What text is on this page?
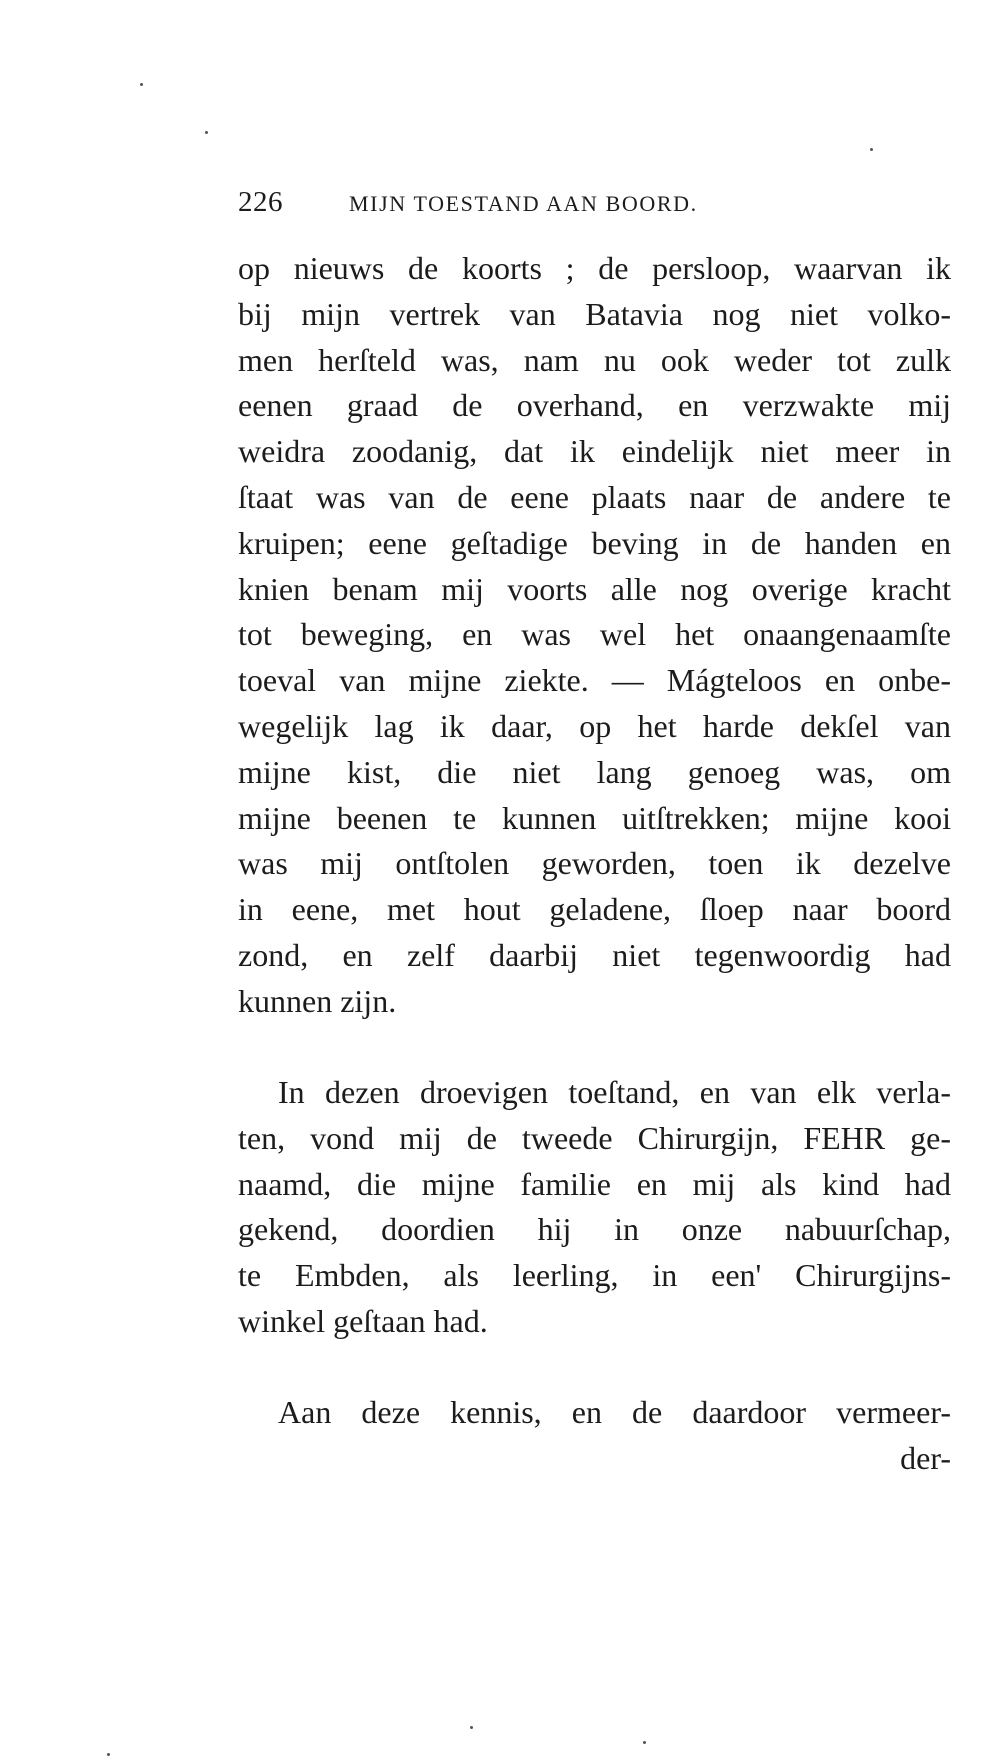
226	MIJN TOESTAND AAN BOORD.
op nieuws de koorts ; de persloop, waarvan ik
bij mijn vertrek van Batavia nog niet volko-
men herſteld was, nam nu ook weder tot zulk
eenen graad de overhand, en verzwakte mij
weidra zoodanig, dat ik eindelijk niet meer in
ſtaat was van de eene plaats naar de andere te
kruipen; eene geſtadige beving in de handen en
knien benam mij voorts alle nog overige kracht
tot beweging, en was wel het onaangenaamſte
toeval van mijne ziekte. — Mágteloos en onbe-
wegelijk lag ik daar, op het harde dekſel van
mijne kist, die niet lang genoeg was, om
mijne beenen te kunnen uitſtrekken; mijne kooi
was mij ontſtolen geworden, toen ik dezelve
in eene, met hout geladene, ſloep naar boord
zond, en zelf daarbij niet tegenwoordig had
kunnen zijn.
In dezen droevigen toeſtand, en van elk verla-
ten, vond mij de tweede Chirurgijn, FEHR ge-
naamd, die mijne familie en mij als kind had
gekend, doordien hij in onze nabuurſchap,
te Embden, als leerling, in een' Chirurgijns-
winkel geſtaan had.
Aan deze kennis, en de daardoor vermeer-
der-
